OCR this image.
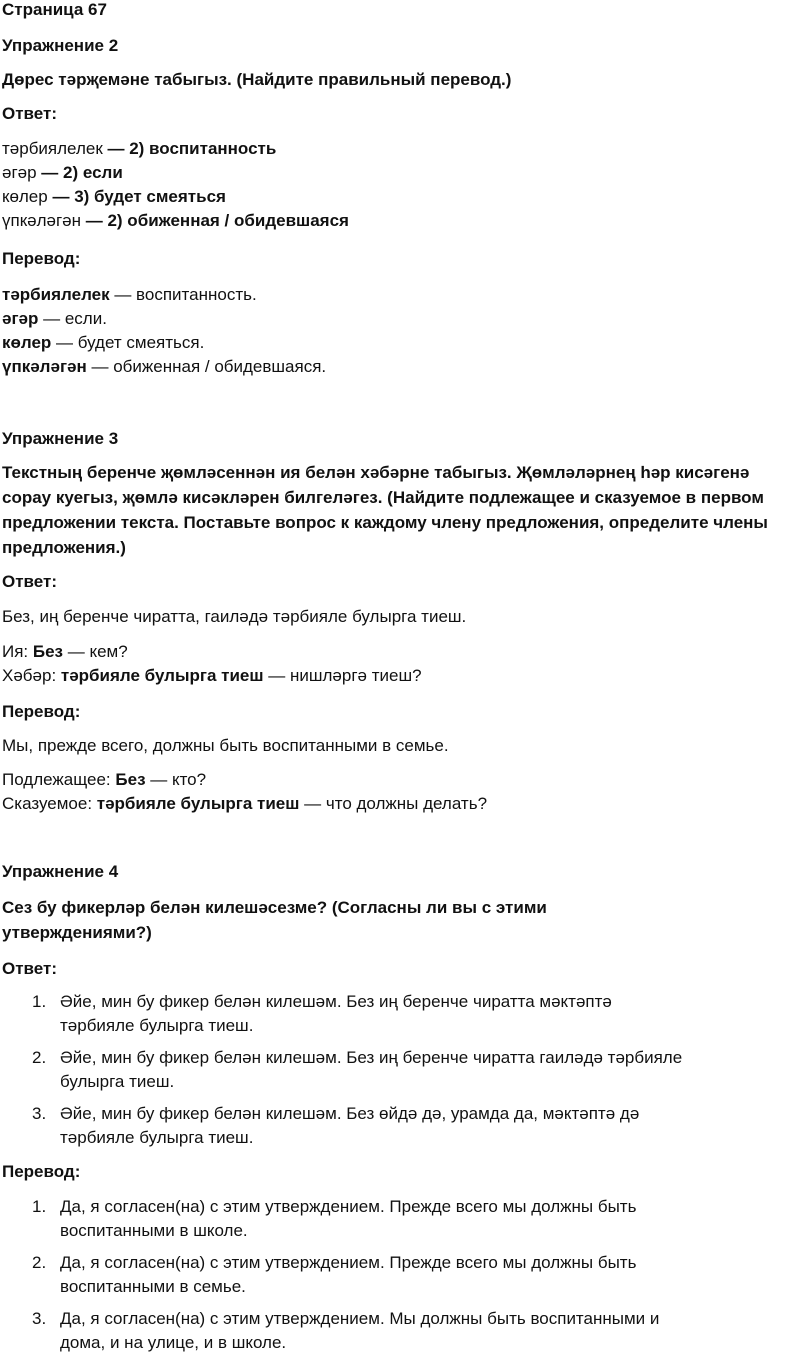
Страница 67

Упражнение 2

Дөрес тәрҗемәне табыгыз. (Найдите правильный перевод.)

Ответ:

тәрбиялелек — 2) воспитанность

әгәр — 2) если

көлер — 3) будет смеяться

үпкәләгән — 2) обиженная / обидевшаяся

Перевод:

тәрбиялелек — воспитанность.

әгәр — если.

көлер — будет смеяться.

үпкәләгән — обиженная / обидевшаяся.

Упражнение 3

Текстның беренче җөмләсеннән ия белән хәбәрне табыгыз. Җөмләләрнең һәр кисәгенә сорау куегыз, җөмлә кисәкләрен билгеләгез. (Найдите подлежащее и сказуемое в первом предложении текста. Поставьте вопрос к каждому члену предложения, определите члены предложения.)

Ответ:

Без, иң беренче чиратта, гаиләдә тәрбияле булырга тиеш.

Ия: Без — кем?

Хәбәр: тәрбияле булырга тиеш — нишләргә тиеш?

Перевод:

Мы, прежде всего, должны быть воспитанными в семье.

Подлежащее: Без — кто?

Сказуемое: тәрбияле булырга тиеш — что должны делать?

Упражнение 4

Сез бу фикерләр белән килешәсезме? (Согласны ли вы с этими утверждениями?)

Ответ:

1. Әйе, мин бу фикер белән килешәм. Без иң беренче чиратта мәктәптә
тәрбияле булырга тиеш.
2. Әйе, мин бу фикер белән килешәм. Без иң беренче чиратта гаиләдә тәрбияле
булырга тиеш.
3. Әйе, мин бу фикер белән килешәм. Без өйдә дә, урамда да, мәктәптә дә
тәрбияле булырга тиеш.

Перевод:

1. Да, я согласен(на) с этим утверждением. Прежде всего мы должны быть
воспитанными в школе.
2. Да, я согласен(на) с этим утверждением. Прежде всего мы должны быть
воспитанными в семье.
3. Да, я согласен(на) с этим утверждением. Мы должны быть воспитанными и
дома, и на улице, и в школе.
